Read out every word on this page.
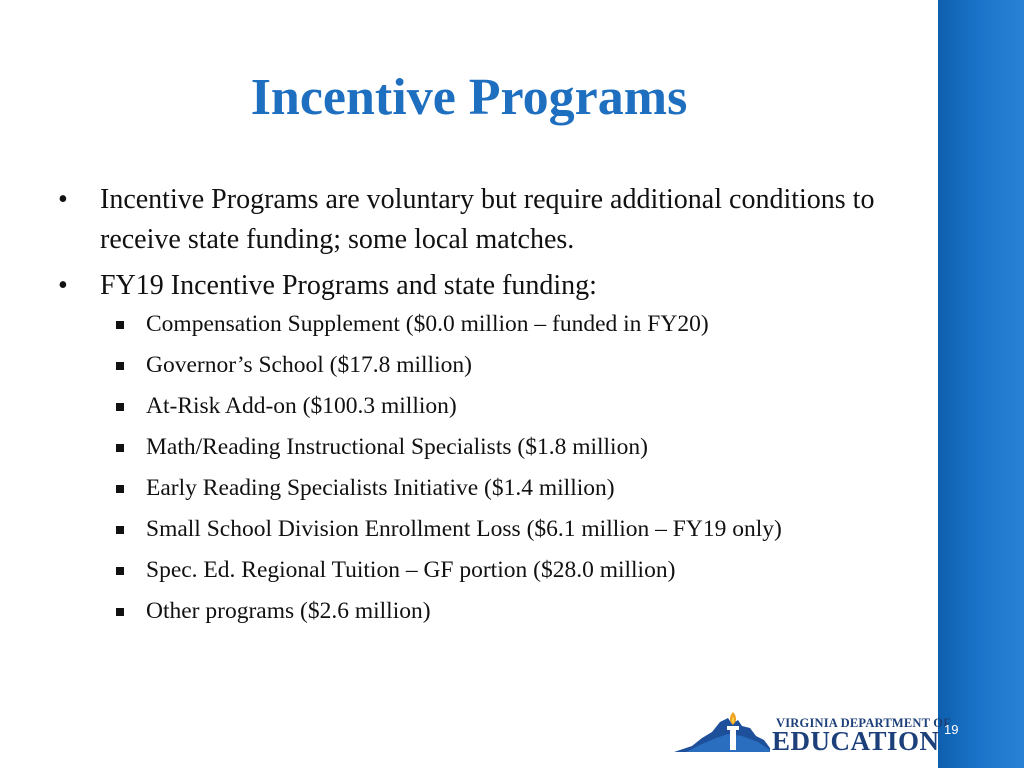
Incentive Programs
• Incentive Programs are voluntary but require additional conditions to receive state funding; some local matches.
• FY19 Incentive Programs and state funding:
Compensation Supplement ($0.0 million – funded in FY20)
Governor’s School ($17.8 million)
At-Risk Add-on ($100.3 million)
Math/Reading Instructional Specialists ($1.8 million)
Early Reading Specialists Initiative ($1.4 million)
Small School Division Enrollment Loss ($6.1 million – FY19 only)
Spec. Ed. Regional Tuition – GF portion ($28.0 million)
Other programs ($2.6 million)
VIRGINIA DEPARTMENT OF
EDUCATION 19
